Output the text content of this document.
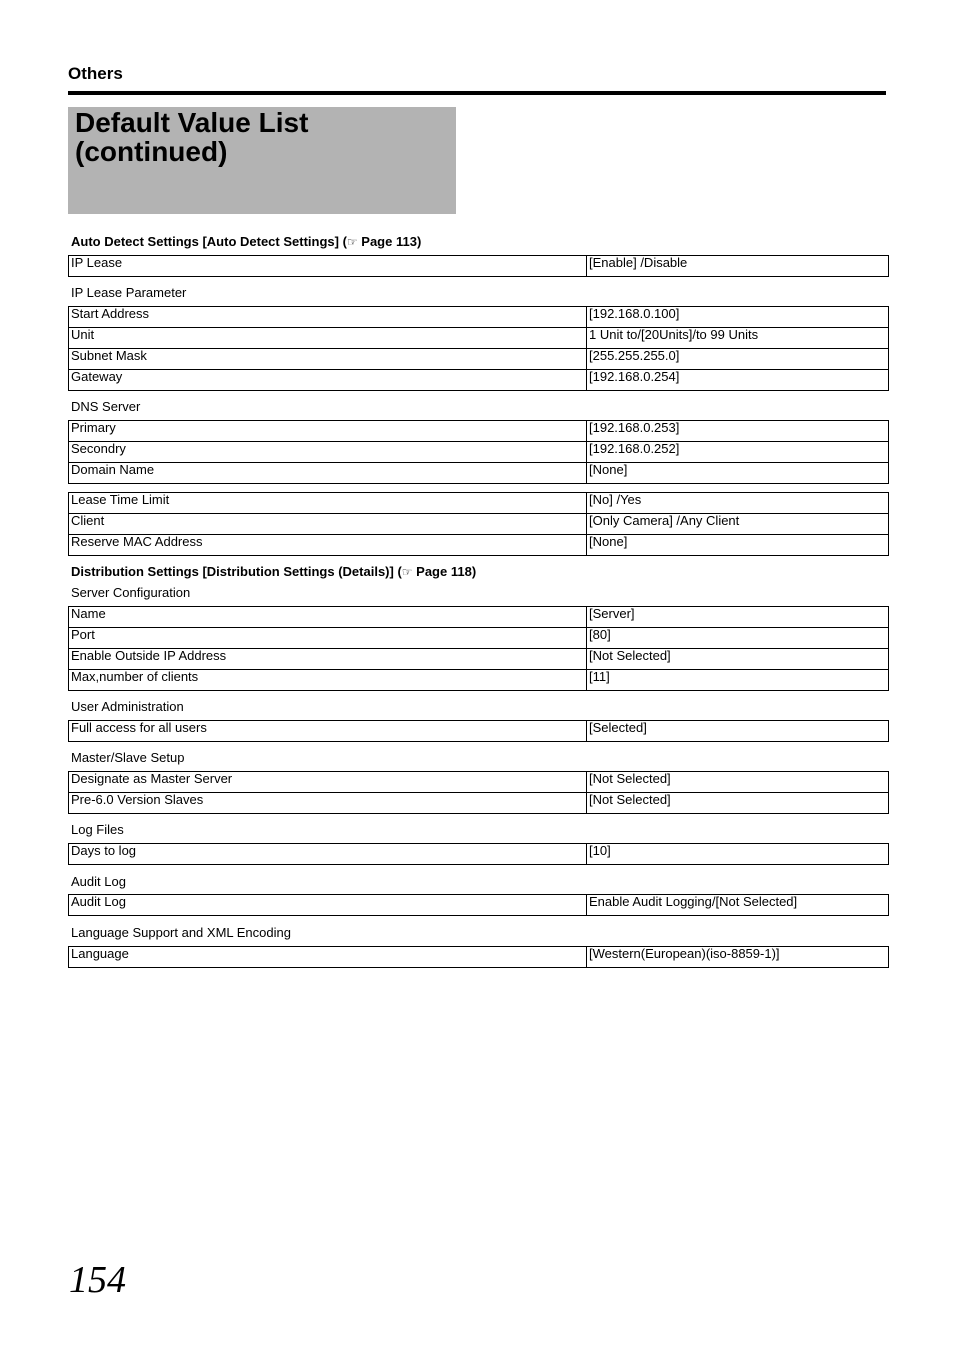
Others
Default Value List
(continued)
Auto Detect Settings [Auto Detect Settings] (☞ Page 113)
IP Lease	[Enable] /Disable
IP Lease Parameter
Start Address	[192.168.0.100]
Unit	1 Unit to/[20Units]/to 99 Units
Subnet Mask	[255.255.255.0]
Gateway	[192.168.0.254]
DNS Server
Primary	[192.168.0.253]
Secondry	[192.168.0.252]
Domain Name	[None]
Lease Time Limit	[No] /Yes
Client	[Only Camera] /Any Client
Reserve MAC Address	[None]
Distribution Settings [Distribution Settings (Details)] (☞ Page 118)
Server Configuration
Name	[Server]
Port	[80]
Enable Outside IP Address	[Not Selected]
Max,number of clients	[11]
User Administration
Full access for all users	[Selected]
Master/Slave Setup
Designate as Master Server	[Not Selected]
Pre-6.0 Version Slaves	[Not Selected]
Log Files
Days to log	[10]
Audit Log
Audit Log	Enable Audit Logging/[Not Selected]
Language Support and XML Encoding
Language	[Western(European)(iso-8859-1)]
154
